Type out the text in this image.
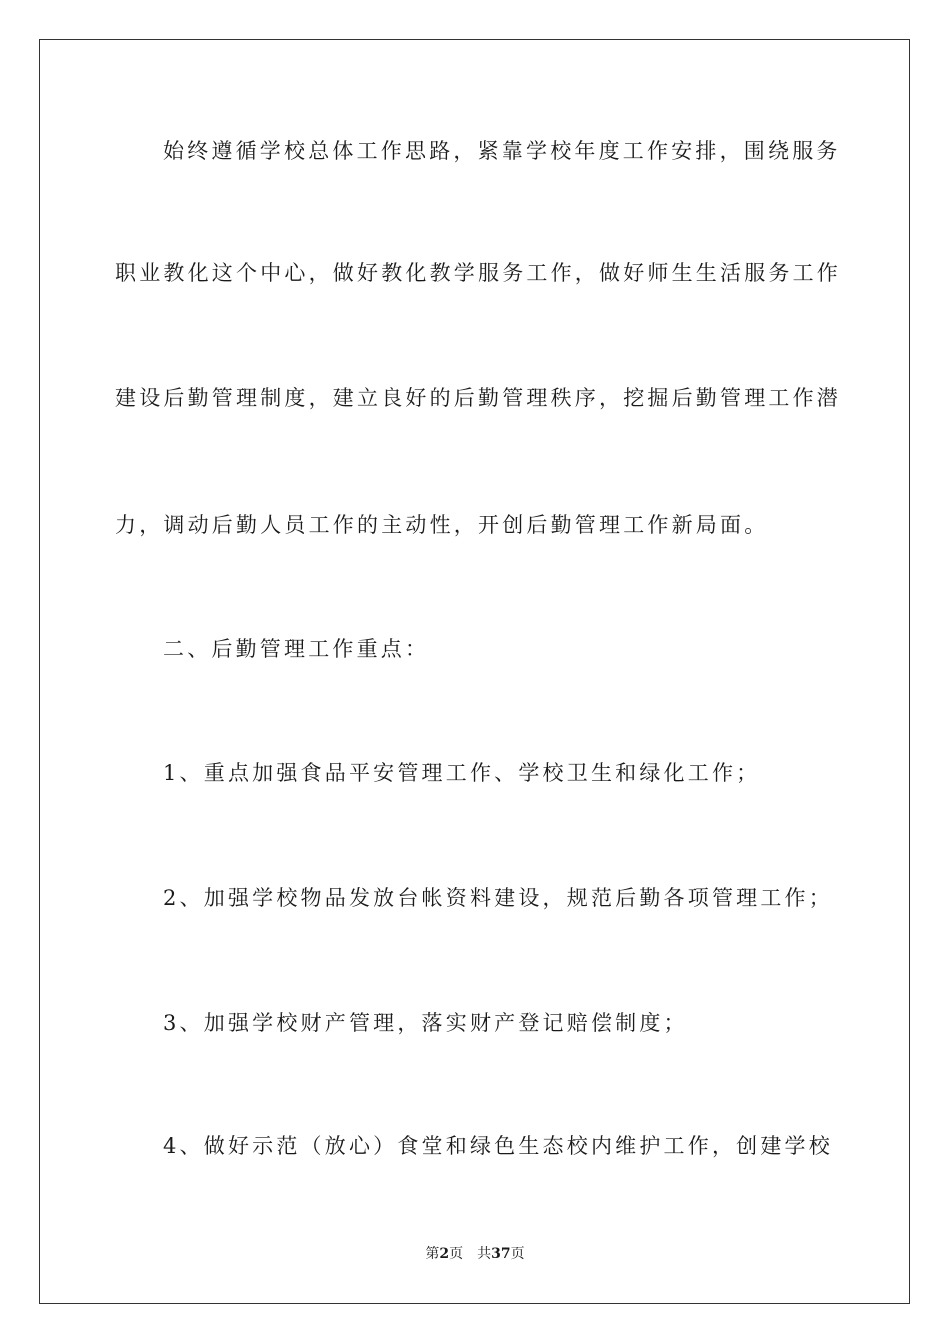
始终遵循学校总体工作思路，紧靠学校年度工作安排，围绕服务
职业教化这个中心，做好教化教学服务工作，做好师生生活服务工作
建设后勤管理制度，建立良好的后勤管理秩序，挖掘后勤管理工作潜
力，调动后勤人员工作的主动性，开创后勤管理工作新局面。
二、后勤管理工作重点：
1、重点加强食品平安管理工作、学校卫生和绿化工作；
2、加强学校物品发放台帐资料建设，规范后勤各项管理工作；
3、加强学校财产管理，落实财产登记赔偿制度；
4、做好示范（放心）食堂和绿色生态校内维护工作，创建学校
第2页 共37页
